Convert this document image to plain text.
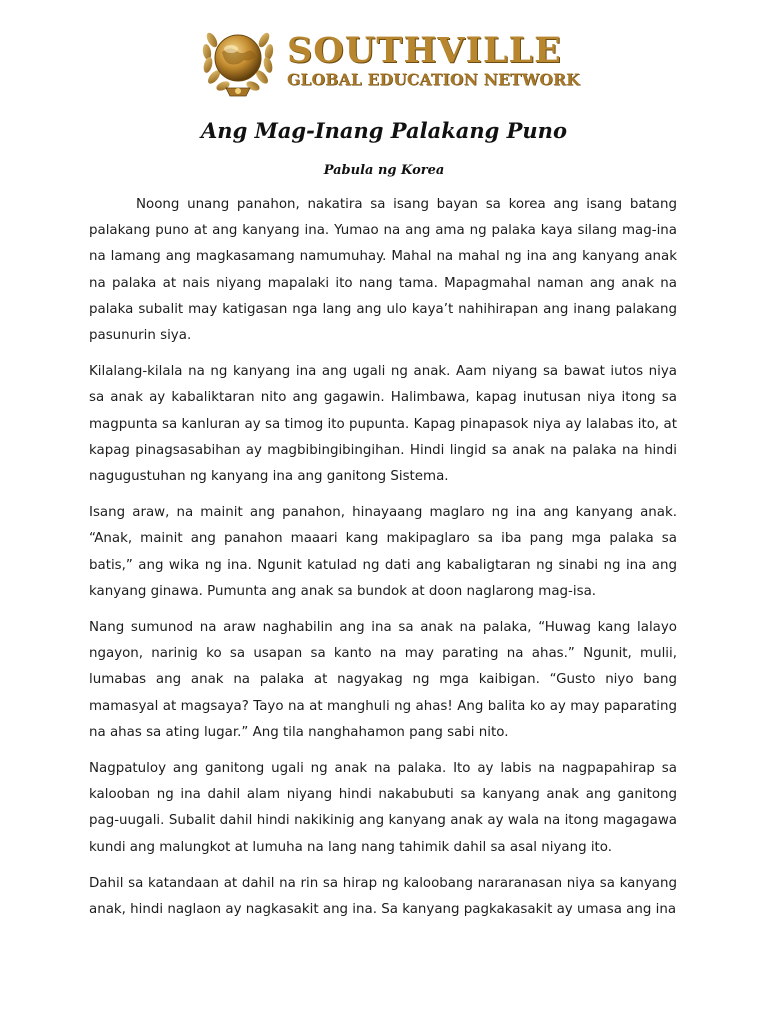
SOUTHVILLE
GLOBAL EDUCATION NETWORK
Ang Mag-Inang Palakang Puno
Pabula ng Korea

Noong unang panahon, nakatira sa isang bayan sa korea ang isang batang palakang puno at ang kanyang ina. Yumao na ang ama ng palaka kaya silang mag-ina na lamang ang magkasamang namumuhay. Mahal na mahal ng ina ang kanyang anak na palaka at nais niyang mapalaki ito nang tama. Mapagmahal naman ang anak na palaka subalit may katigasan nga lang ang ulo kaya’t nahihirapan ang inang palakang pasunurin siya.

Kilalang-kilala na ng kanyang ina ang ugali ng anak. Aam niyang sa bawat iutos niya sa anak ay kabaliktaran nito ang gagawin. Halimbawa, kapag inutusan niya itong sa magpunta sa kanluran ay sa timog ito pupunta. Kapag pinapasok niya ay lalabas ito, at kapag pinagsasabihan ay magbibingibingihan. Hindi lingid sa anak na palaka na hindi nagugustuhan ng kanyang ina ang ganitong Sistema.

Isang araw, na mainit ang panahon, hinayaang maglaro ng ina ang kanyang anak. “Anak, mainit ang panahon maaari kang makipaglaro sa iba pang mga palaka sa batis,” ang wika ng ina. Ngunit katulad ng dati ang kabaligtaran ng sinabi ng ina ang kanyang ginawa. Pumunta ang anak sa bundok at doon naglarong mag-isa.

Nang sumunod na araw naghabilin ang ina sa anak na palaka, “Huwag kang lalayo ngayon, narinig ko sa usapan sa kanto na may parating na ahas.” Ngunit, mulii, lumabas ang anak na palaka at nagyakag ng mga kaibigan. “Gusto niyo bang mamasyal at magsaya? Tayo na at manghuli ng ahas! Ang balita ko ay may paparating na ahas sa ating lugar.” Ang tila nanghahamon pang sabi nito.

Nagpatuloy ang ganitong ugali ng anak na palaka. Ito ay labis na nagpapahirap sa kalooban ng ina dahil alam niyang hindi nakabubuti sa kanyang anak ang ganitong pag-uugali. Subalit dahil hindi nakikinig ang kanyang anak ay wala na itong magagawa kundi ang malungkot at lumuha na lang nang tahimik dahil sa asal niyang ito.

Dahil sa katandaan at dahil na rin sa hirap ng kaloobang nararanasan niya sa kanyang anak, hindi naglaon ay nagkasakit ang ina. Sa kanyang pagkakasakit ay umasa ang ina
